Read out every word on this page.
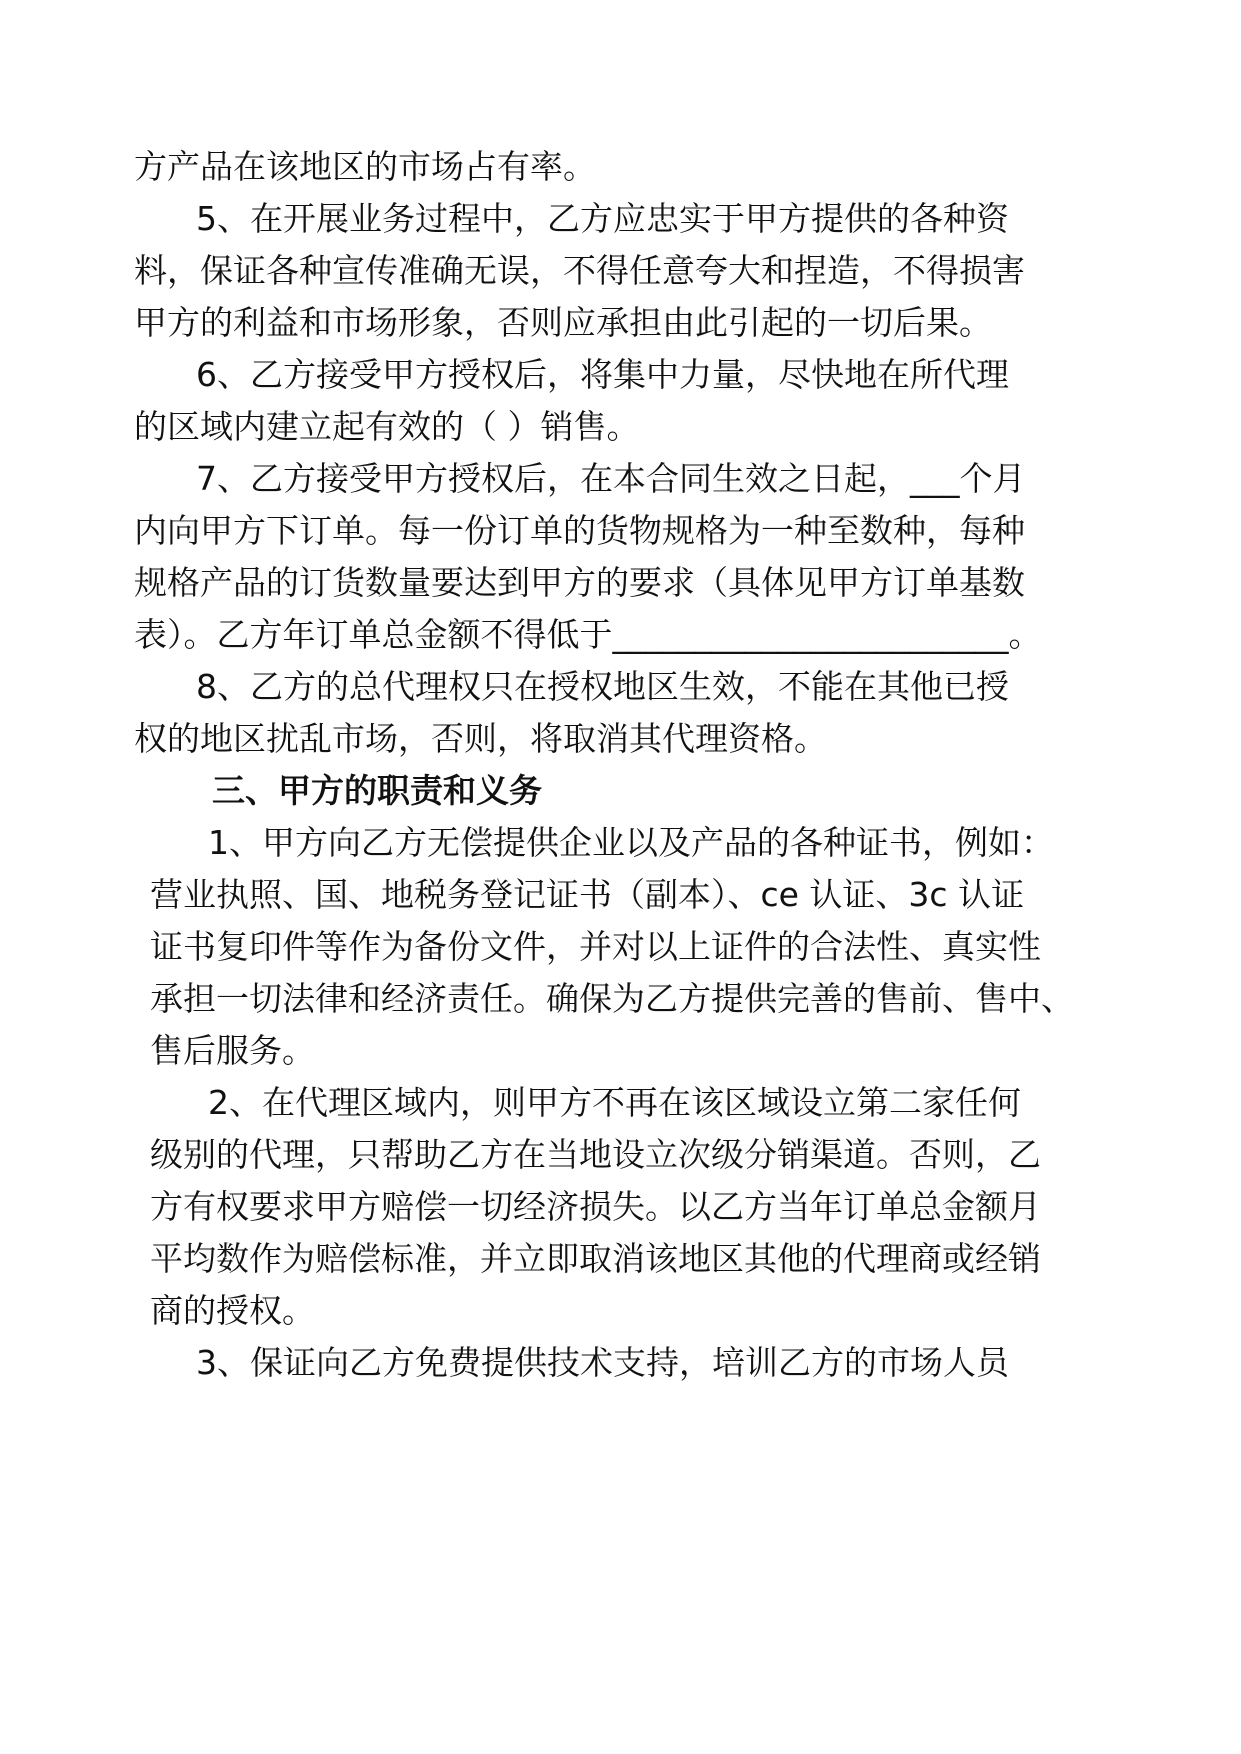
方产品在该地区的市场占有率。
5、在开展业务过程中，乙方应忠实于甲方提供的各种资
料，保证各种宣传准确无误，不得任意夸大和捏造，不得损害
甲方的利益和市场形象，否则应承担由此引起的一切后果。
6、乙方接受甲方授权后，将集中力量，尽快地在所代理
的区域内建立起有效的（ ）销售。
7、乙方接受甲方授权后，在本合同生效之日起，___个月
内向甲方下订单。每一份订单的货物规格为一种至数种，每种
规格产品的订货数量要达到甲方的要求（具体见甲方订单基数
表）。乙方年订单总金额不得低于________________________。
8、乙方的总代理权只在授权地区生效，不能在其他已授
权的地区扰乱市场，否则，将取消其代理资格。
三、甲方的职责和义务
1、甲方向乙方无偿提供企业以及产品的各种证书，例如：
营业执照、国、地税务登记证书（副本）、ce 认证、3c 认证
证书复印件等作为备份文件，并对以上证件的合法性、真实性
承担一切法律和经济责任。确保为乙方提供完善的售前、售中、
售后服务。
2、在代理区域内，则甲方不再在该区域设立第二家任何
级别的代理，只帮助乙方在当地设立次级分销渠道。否则，乙
方有权要求甲方赔偿一切经济损失。以乙方当年订单总金额月
平均数作为赔偿标准，并立即取消该地区其他的代理商或经销
商的授权。
3、保证向乙方免费提供技术支持，培训乙方的市场人员
